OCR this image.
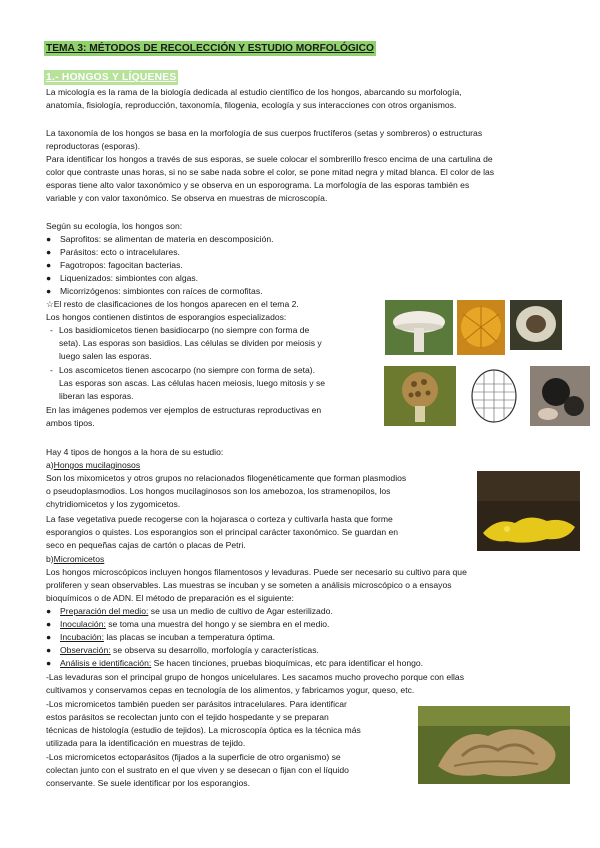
TEMA 3: MÉTODOS DE RECOLECCIÓN Y ESTUDIO MORFOLÓGICO
1.- HONGOS Y LÍQUENES
La micología es la rama de la biología dedicada al estudio científico de los hongos, abarcando su morfología,
anatomía, fisiología, reproducción, taxonomía, filogenia, ecología y sus interacciones con otros organismos.
La taxonomía de los hongos se basa en la morfología de sus cuerpos fructíferos (setas y sombreros) o estructuras
reproductoras (esporas).
Para identificar los hongos a través de sus esporas, se suele colocar el sombrerillo fresco encima de una cartulina de
color que contraste unas horas, si no se sabe nada sobre el color, se pone mitad negra y mitad blanca. El color de las
esporas tiene alto valor taxonómico y se observa en un esporograma. La morfología de las esporas también es
variable y con valor taxonómico. Se observa en muestras de microscopía.
Según su ecología, los hongos son:
● Saprofitos: se alimentan de materia en descomposición.
● Parásitos: ecto o intracelulares.
● Fagotropos: fagocitan bacterias.
● Liquenizados: simbiontes con algas.
● Micorrizógenos: simbiontes con raíces de cormofitas.
☆El resto de clasificaciones de los hongos aparecen en el tema 2.
Los hongos contienen distintos de esporangios especializados:
- Los basidiomicetos tienen basidiocarpo (no siempre con forma de
seta). Las esporas son basidios. Las células se dividen por meiosis y
luego salen las esporas.
- Los ascomicetos tienen ascocarpo (no siempre con forma de seta).
Las esporas son ascas. Las células hacen meiosis, luego mitosis y se
liberan las esporas.
En las imágenes podemos ver ejemplos de estructuras reproductivas en
ambos tipos.
Hay 4 tipos de hongos a la hora de su estudio:
a)Hongos mucilaginosos
Son los mixomicetos y otros grupos no relacionados filogenéticamente que forman plasmodios
o pseudoplasmodios. Los hongos mucilaginosos son los amebozoa, los stramenopilos, los
chytridiomicetos y los zygomicetos.
La fase vegetativa puede recogerse con la hojarasca o corteza y cultivarla hasta que forme
esporangios o quistes. Los esporangios son el principal carácter taxonómico. Se guardan en
seco en pequeñas cajas de cartón o placas de Petri.
b)Micromicetos
Los hongos microscópicos incluyen hongos filamentosos y levaduras. Puede ser necesario su cultivo para que
proliferen y sean observables. Las muestras se incuban y se someten a análisis microscópico o a ensayos
bioquímicos o de ADN. El método de preparación es el siguiente:
● Preparación del medio: se usa un medio de cultivo de Agar esterilizado.
● Inoculación: se toma una muestra del hongo y se siembra en el medio.
● Incubación: las placas se incuban a temperatura óptima.
● Observación: se observa su desarrollo, morfología y características.
● Análisis e identificación: Se hacen tinciones, pruebas bioquímicas, etc para identificar el hongo.
-Las levaduras son el principal grupo de hongos unicelulares. Les sacamos mucho provecho porque con ellas
cultivamos y conservamos cepas en tecnología de los alimentos, y fabricamos yogur, queso, etc.
-Los micromicetos también pueden ser parásitos intracelulares. Para identificar
estos parásitos se recolectan junto con el tejido hospedante y se preparan
técnicas de histología (estudio de tejidos). La microscopía óptica es la técnica más
utilizada para la identificación en muestras de tejido.
-Los micromicetos ectoparásitos (fijados a la superficie de otro organismo) se
colectan junto con el sustrato en el que viven y se desecan o fijan con el líquido
conservante. Se suele identificar por los esporangios.
